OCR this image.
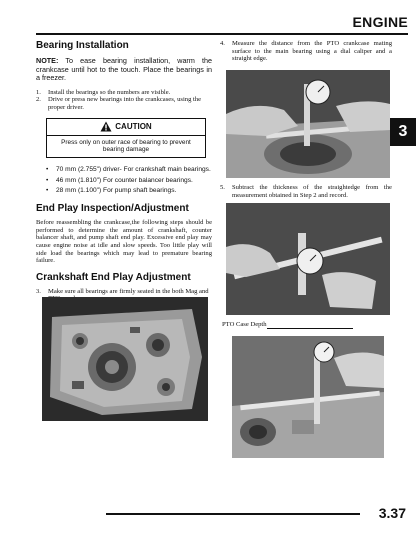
ENGINE
3
Bearing Installation

NOTE: To ease bearing installation, warm the crankcase until hot to the touch. Place the bearings in a freezer.

1.	Install the bearings so the numbers are visible.
2.	Drive or press new bearings into the crankcases, using the proper driver.
CAUTION
Press only on outer race of bearing to prevent bearing damage
•	70 mm (2.755") driver- For crankshaft main bearings.
•	46 mm (1.810") For counter balancer bearings.
•	28 mm (1.100") For pump shaft bearings.
End Play Inspection/Adjustment

Before reassembling the crankcase,the following steps should be performed to determine the amount of crankshaft, counter balancer shaft, and pump shaft end play. Excessive end play may cause engine noise at idle and slow speeds. Too little play will side load the bearings which may lead to premature bearing failure.

Crankshaft End Play Adjustment
3.	Make sure all bearings are firmly seated in the both Mag and
4.	Measure the distance from the PTO crankcase mating surface to the main bearing using a dial caliper and a straight edge.
5.	Subtract the thickness of the straightedge from the measurement obtained in Step 2 and record.
PTO Case Depth
3.37
